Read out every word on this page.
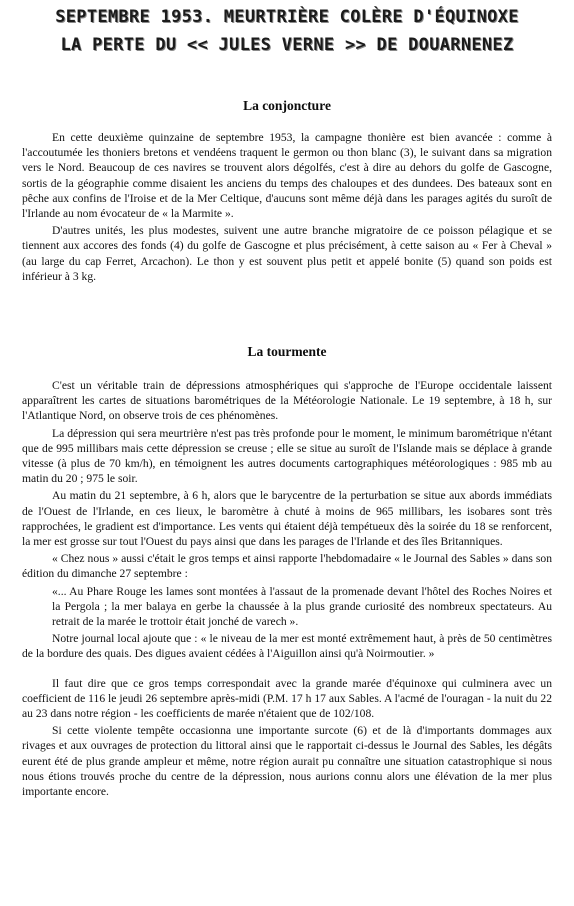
SEPTEMBRE 1953. MEURTRIÈRE COLÈRE D'ÉQUINOXE
LA PERTE DU << JULES VERNE >> DE DOUARNENEZ
La conjoncture

En cette deuxième quinzaine de septembre 1953, la campagne thonière est bien avancée : comme à l'accoutumée les thoniers bretons et vendéens traquent le germon ou thon blanc (3), le suivant dans sa migration vers le Nord. Beaucoup de ces navires se trouvent alors dégolfés, c'est à dire au dehors du golfe de Gascogne, sortis de la géographie comme disaient les anciens du temps des chaloupes et des dundees. Des bateaux sont en pêche aux confins de l'Iroise et de la Mer Celtique, d'aucuns sont même déjà dans les parages agités du suroît de l'Irlande au nom évocateur de « la Marmite ».

D'autres unités, les plus modestes, suivent une autre branche migratoire de ce poisson pélagique et se tiennent aux accores des fonds (4) du golfe de Gascogne et plus précisément, à cette saison au « Fer à Cheval » (au large du cap Ferret, Arcachon). Le thon y est souvent plus petit et appelé bonite (5) quand son poids est inférieur à 3 kg.

La tourmente

C'est un véritable train de dépressions atmosphériques qui s'approche de l'Europe occidentale laissent apparaîtrent les cartes de situations barométriques de la Météorologie Nationale. Le 19 septembre, à 18 h, sur l'Atlantique Nord, on observe trois de ces phénomènes.

La dépression qui sera meurtrière n'est pas très profonde pour le moment, le minimum barométrique n'étant que de 995 millibars mais cette dépression se creuse ; elle se situe au suroît de l'Islande mais se déplace à grande vitesse (à plus de 70 km/h), en témoignent les autres documents cartographiques météorologiques : 985 mb au matin du 20 ; 975 le soir.

Au matin du 21 septembre, à 6 h, alors que le barycentre de la perturbation se situe aux abords immédiats de l'Ouest de l'Irlande, en ces lieux, le baromètre à chuté à moins de 965 millibars, les isobares sont très rapprochées, le gradient est d'importance. Les vents qui étaient déjà tempétueux dès la soirée du 18 se renforcent, la mer est grosse sur tout l'Ouest du pays ainsi que dans les parages de l'Irlande et des îles Britanniques.

« Chez nous » aussi c'était le gros temps et ainsi rapporte l'hebdomadaire « le Journal des Sables » dans son édition du dimanche 27 septembre :

«... Au Phare Rouge les lames sont montées à l'assaut de la promenade devant l'hôtel des Roches Noires et la Pergola ; la mer balaya en gerbe la chaussée à la plus grande curiosité des nombreux spectateurs. Au retrait de la marée le trottoir était jonché de varech ».

Notre journal local ajoute que : « le niveau de la mer est monté extrêmement haut, à près de 50 centimètres de la bordure des quais. Des digues avaient cédées à l'Aiguillon ainsi qu'à Noirmoutier. »

Il faut dire que ce gros temps correspondait avec la grande marée d'équinoxe qui culminera avec un coefficient de 116 le jeudi 26 septembre après-midi (P.M. 17 h 17 aux Sables. A l'acmé de l'ouragan - la nuit du 22 au 23 dans notre région - les coefficients de marée n'étaient que de 102/108.

Si cette violente tempête occasionna une importante surcote (6) et de là d'importants dommages aux rivages et aux ouvrages de protection du littoral ainsi que le rapportait ci-dessus le Journal des Sables, les dégâts eurent été de plus grande ampleur et même, notre région aurait pu connaître une situation catastrophique si nous nous étions trouvés proche du centre de la dépression, nous aurions connu alors une élévation de la mer plus importante encore.
